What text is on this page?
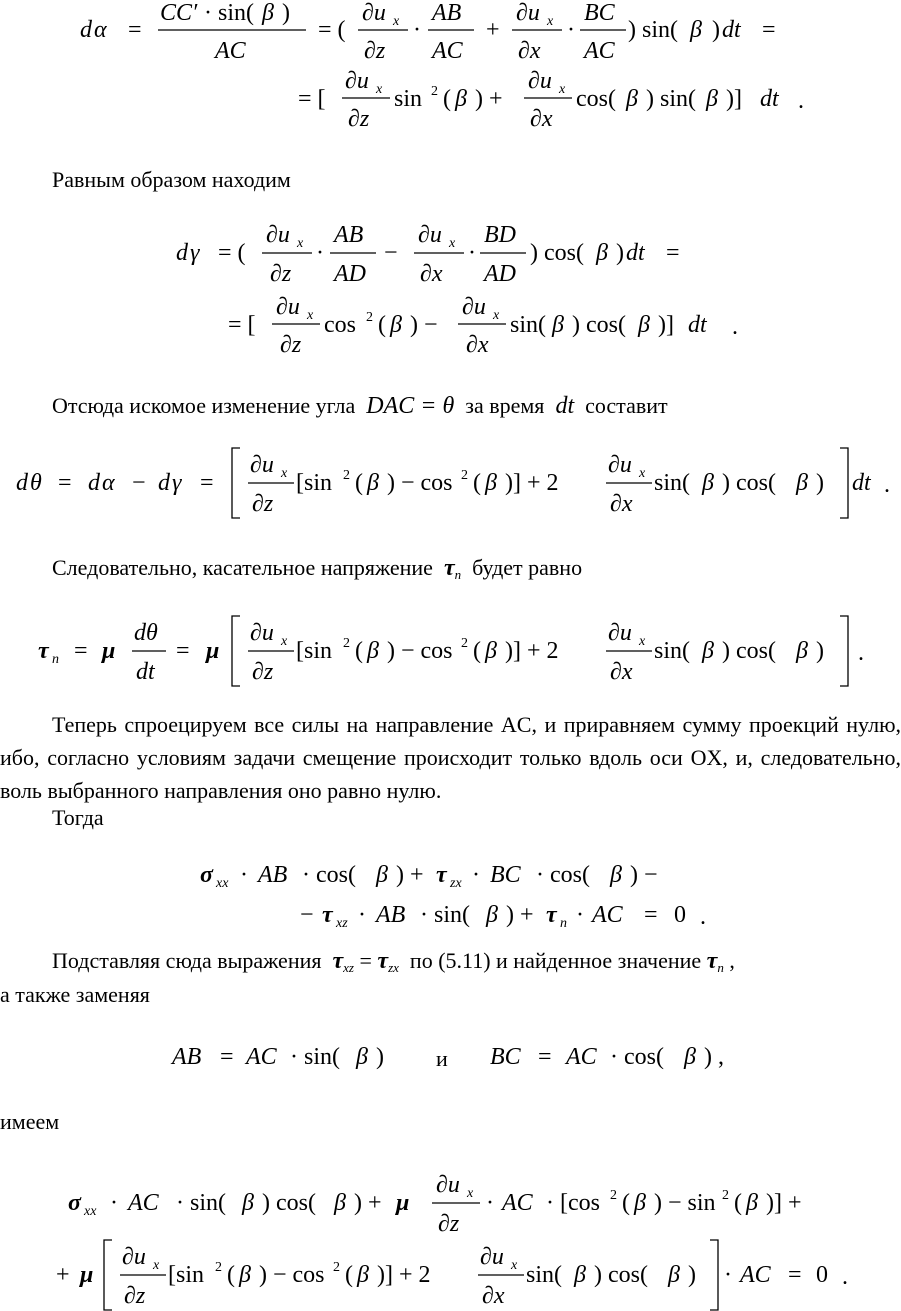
d α =
CC′ · sin( β )
AC
= (
∂u x
∂z
·
AB
AC
+
∂u x
∂x
·
BC
AC
) sin( β ) dt =
= [
∂u x
∂z
sin 2 ( β ) +
∂u x
∂x
cos( β ) sin( β )] dt .
Равным образом находим
d γ = (
∂u x
∂z
·
AB
AD
−
∂u x
∂x
·
BD
AD
) cos( β ) dt =
= [
∂u x
∂z
cos 2 ( β ) −
∂u x
∂x
sin( β ) cos( β )] dt .
Отсюда искомое изменение угла DAC = θ за время dt составит
d θ = d α − d γ =
∂u x
∂z
[sin 2 ( β ) − cos 2 ( β )] + 2
∂u x
∂x
sin( β ) cos( β ) dt .
Следовательно, касательное напряжение $\tau_n$ будет равно
τ n = μ
dθ
dt
= μ
∂u x
∂z
[sin 2 ( β ) − cos 2 ( β )] + 2
∂u x
∂x
sin( β ) cos( β ) .
Теперь спроецируем все силы на направление AC, и приравняем сумму проекций нулю, ибо, согласно условиям задачи смещение происходит только вдоль оси OX, и, следовательно, воль выбранного направления оно равно нулю.
Тогда
σ xx · AB · cos( β ) + τ zx · BC · cos( β ) −
− τ xz · AB · sin( β ) + τ n · AC = 0 .
Подставляя сюда выражения $\tau_{xz} = \tau_{zx}$ по (5.11) и найденное значение $\tau_n$ ,
а также заменяя
AB = AC · sin( β ) и BC = AC · cos( β ) ,
имеем
σ xx · AC · sin( β ) cos( β ) + μ
∂u x
∂z
· AC · [cos 2 ( β ) − sin 2 ( β )] +
+ μ
∂u x
∂z
[sin 2 ( β ) − cos 2 ( β )] + 2
∂u x
∂x
sin( β ) cos( β ) · AC = 0 .
